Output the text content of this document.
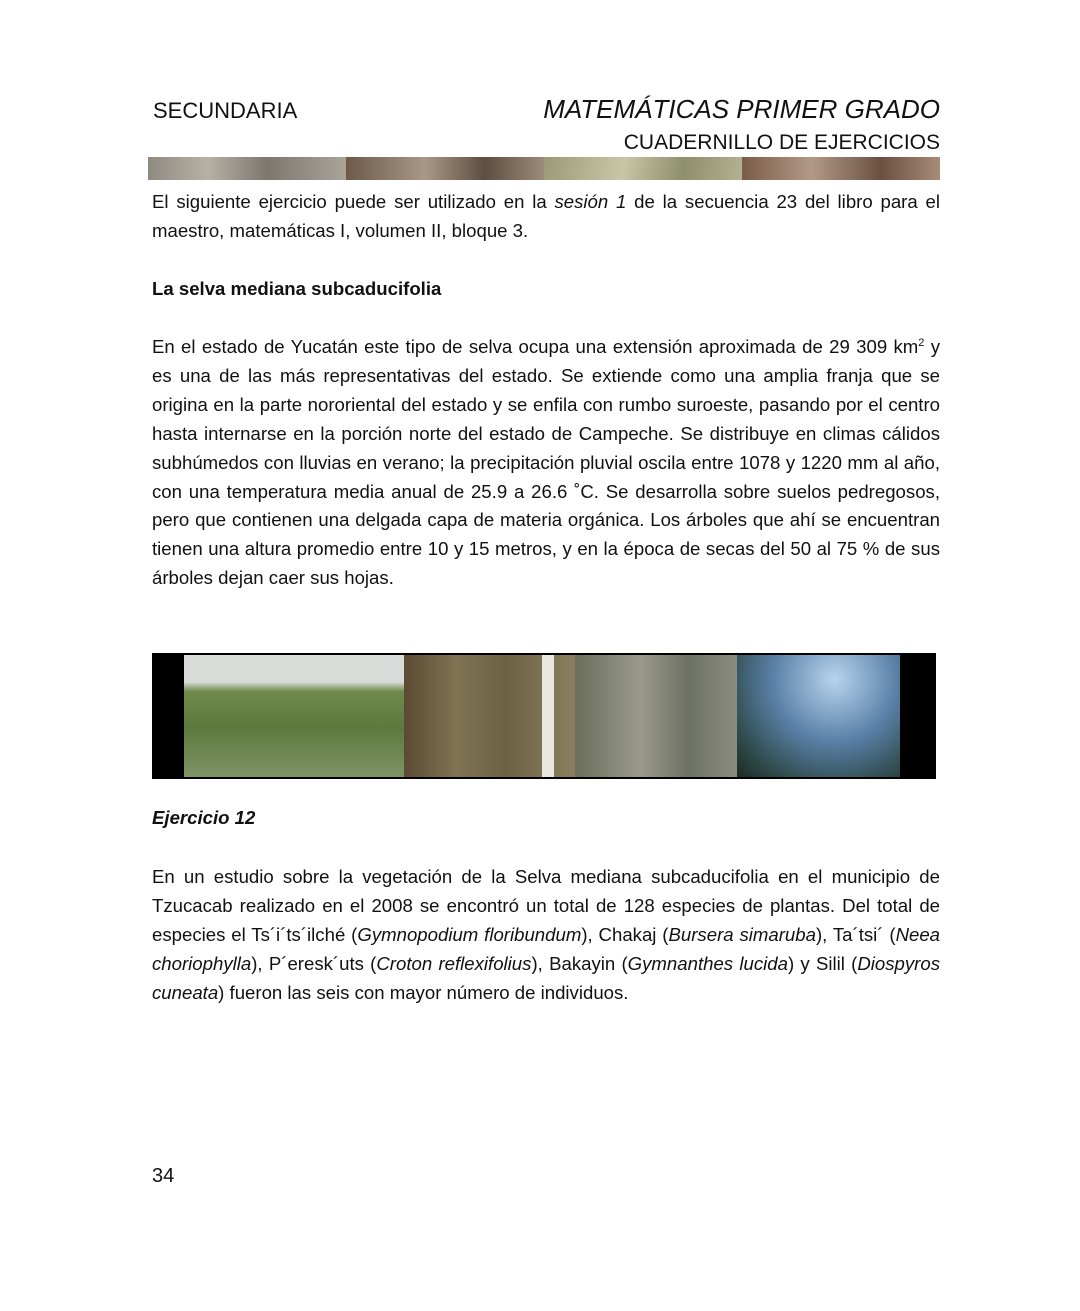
SECUNDARIA	MATEMÁTICAS PRIMER GRADO
CUADERNILLO DE EJERCICIOS

El siguiente ejercicio puede ser utilizado en la sesión 1 de la secuencia 23 del libro para el maestro, matemáticas I, volumen II, bloque 3.

La selva mediana subcaducifolia

En el estado de Yucatán este tipo de selva ocupa una extensión aproximada de 29 309 $km^2$ y es una de las más representativas del estado. Se extiende como una amplia franja que se origina en la parte nororiental del estado y se enfila con rumbo suroeste, pasando por el centro hasta internarse en la porción norte del estado de Campeche. Se distribuye en climas cálidos subhúmedos con lluvias en verano; la precipitación pluvial oscila entre 1078 y 1220 mm al año, con una temperatura media anual de 25.9 a 26.6 ˚C. Se desarrolla sobre suelos pedregosos, pero que contienen una delgada capa de materia orgánica. Los árboles que ahí se encuentran tienen una altura promedio entre 10 y 15 metros, y en la época de secas del 50 al 75 % de sus árboles dejan caer sus hojas.

Ejercicio 12

En un estudio sobre la vegetación de la Selva mediana subcaducifolia en el municipio de Tzucacab realizado en el 2008 se encontró un total de 128 especies de plantas. Del total de especies el Ts´i´ts´ilché (Gymnopodium floribundum), Chakaj (Bursera simaruba), Ta´tsi´ (Neea choriophylla), P´eresk´uts (Croton reflexifolius), Bakayin (Gymnanthes lucida) y Silil (Diospyros cuneata) fueron las seis con mayor número de individuos.

34
